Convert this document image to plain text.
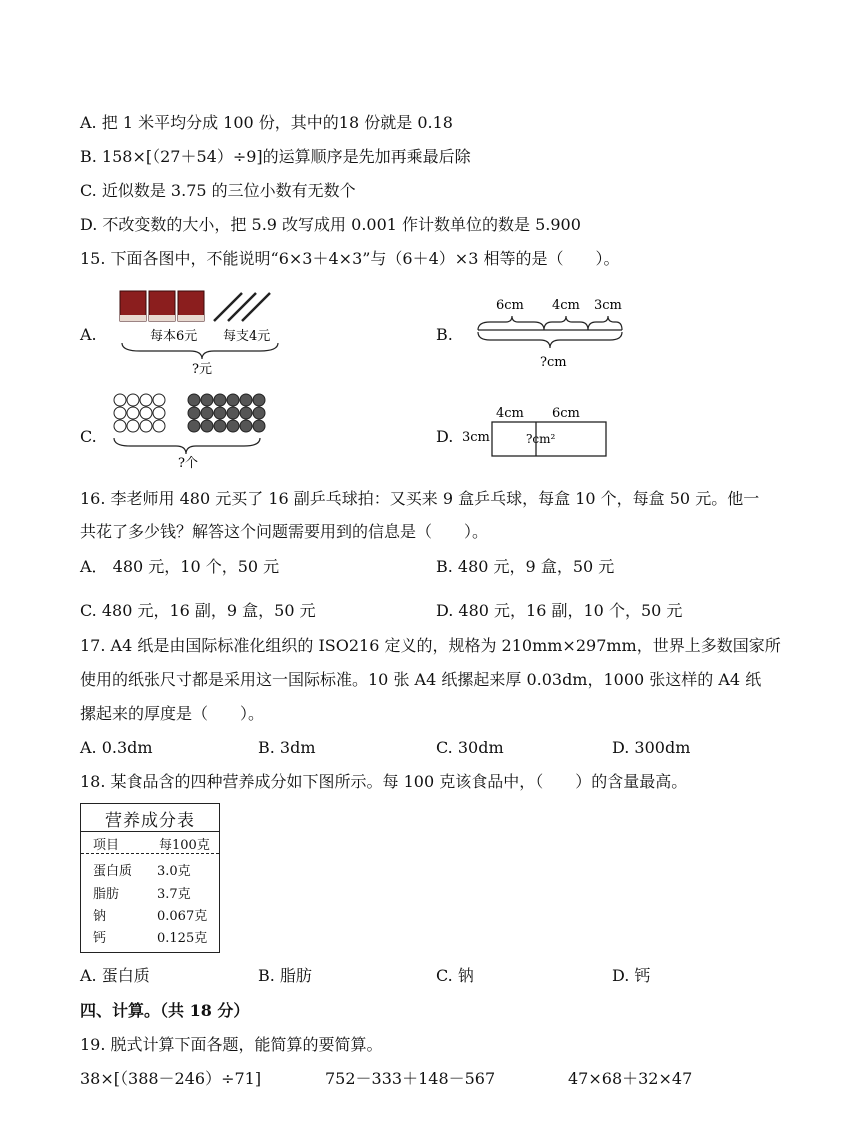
A. 把 1 米平均分成 100 份，其中的18 份就是 0.18
B. 158×[（27＋54）÷9]的运算顺序是先加再乘最后除
C. 近似数是 3.75 的三位小数有无数个
D. 不改变数的大小，把 5.9 改写成用 0.001 作计数单位的数是 5.900
15. 下面各图中，不能说明“6×3＋4×3”与（6＋4）×3 相等的是（　　）。
A.	B.
C.	D.
每本6元 每支4元
?元
6cm 4cm 3cm
?cm
?个
4cm 6cm
3cm	?cm²
16. 李老师用 480 元买了 16 副乒乓球拍：又买来 9 盒乒乓球，每盒 10 个，每盒 50 元。他一
共花了多少钱？解答这个问题需要用到的信息是（　　）。
A． 480 元，10 个，50 元	B. 480 元，9 盒，50 元
C. 480 元，16 副，9 盒，50 元	D. 480 元，16 副，10 个，50 元
17. A4 纸是由国际标准化组织的 ISO216 定义的，规格为 210mm×297mm，世界上多数国家所
使用的纸张尺寸都是采用这一国际标准。10 张 A4 纸摞起来厚 0.03dm，1000 张这样的 A4 纸
摞起来的厚度是（　　）。
A. 0.3dm	B. 3dm	C. 30dm	D. 300dm
18. 某食品含的四种营养成分如下图所示。每 100 克该食品中，（　　）的含量最高。
营养成分表
项目	每100克
蛋白质 3.0克
脂肪	3.7克
钠	0.067克
钙	0.125克
A. 蛋白质	B. 脂肪	C. 钠	D. 钙
四、计算。（共 18 分）
19. 脱式计算下面各题，能简算的要简算。
38×[（388－246）÷71]	752－333＋148－567	47×68＋32×47
